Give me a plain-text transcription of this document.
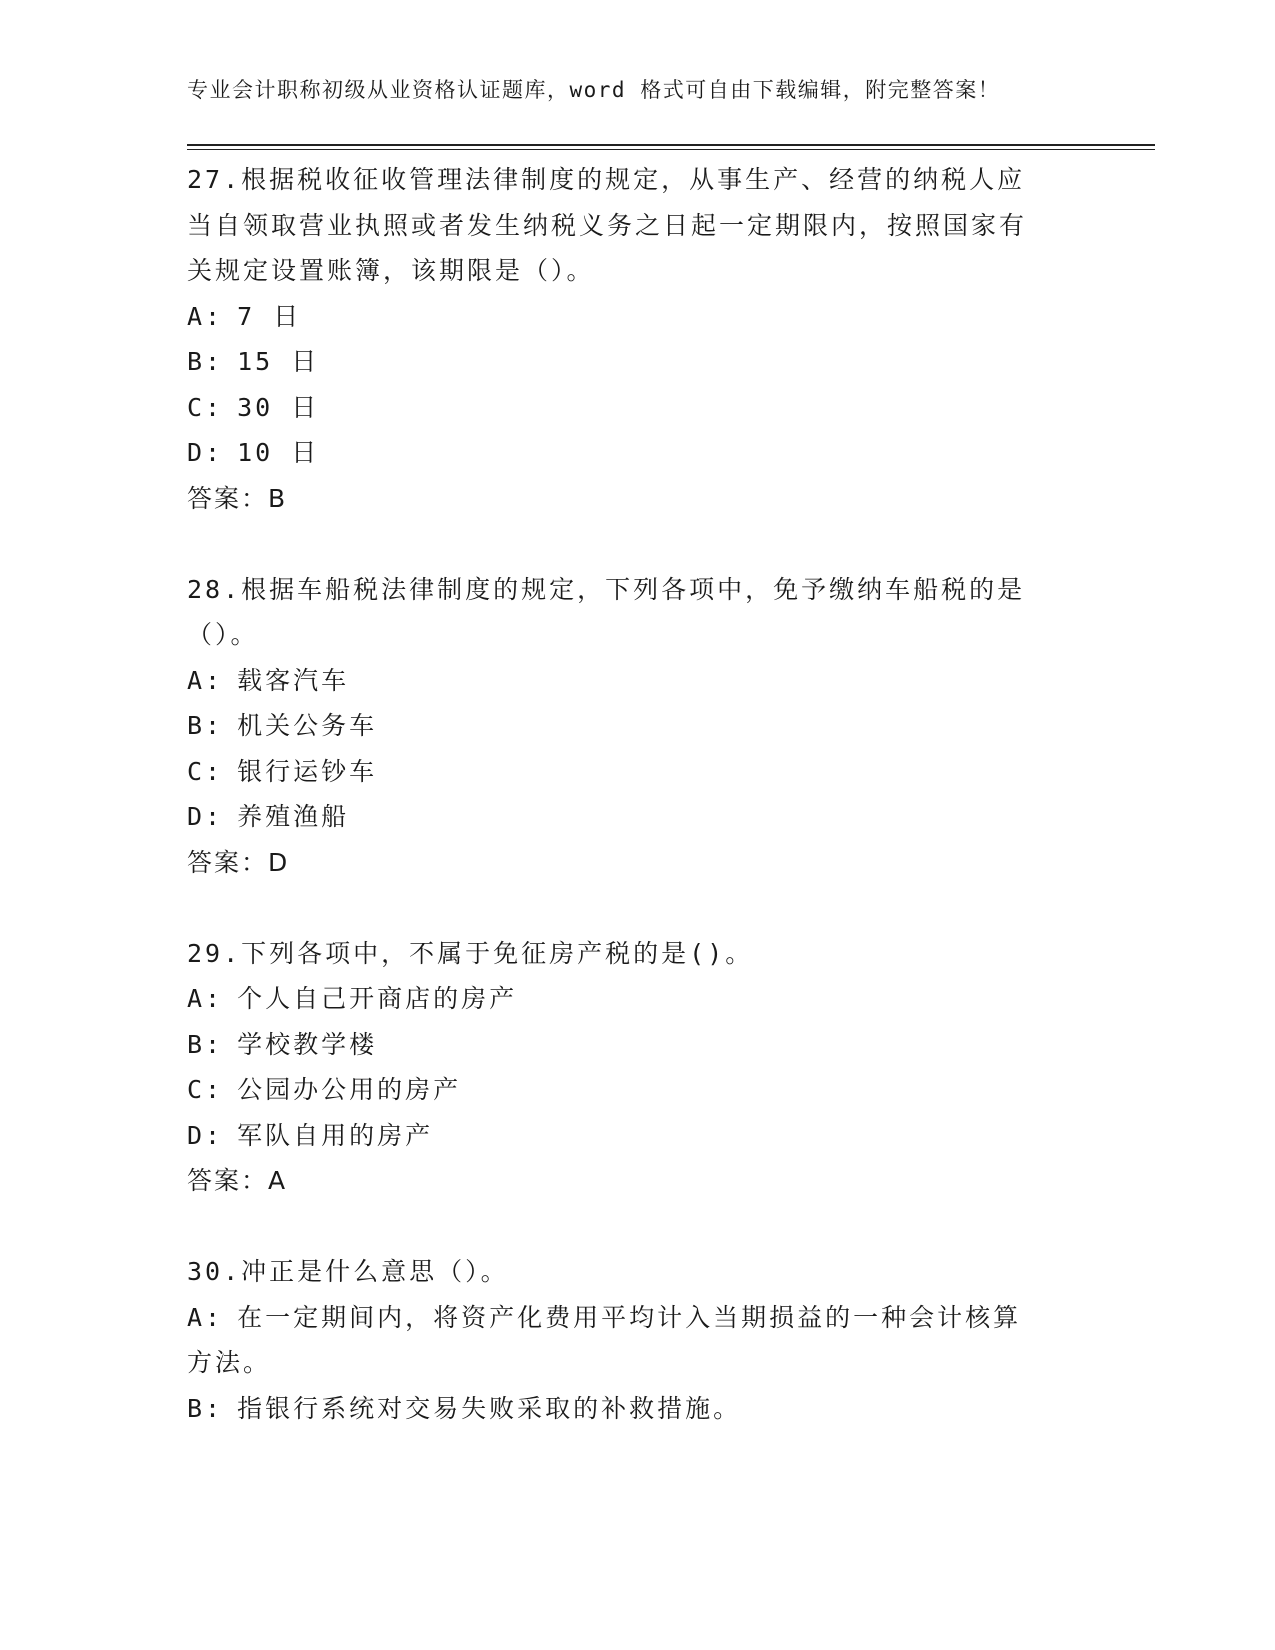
专业会计职称初级从业资格认证题库，word 格式可自由下载编辑，附完整答案！

27.根据税收征收管理法律制度的规定，从事生产、经营的纳税人应当自领取营业执照或者发生纳税义务之日起一定期限内，按照国家有关规定设置账簿，该期限是（）。

A: 7 日

B: 15 日

C: 30 日

D: 10 日

答案：B

28.根据车船税法律制度的规定，下列各项中，免予缴纳车船税的是（）。

A: 载客汽车

B: 机关公务车

C: 银行运钞车

D: 养殖渔船

答案：D

29.下列各项中，不属于免征房产税的是()。

A: 个人自己开商店的房产

B: 学校教学楼

C: 公园办公用的房产

D: 军队自用的房产

答案：A

30.冲正是什么意思（）。

A: 在一定期间内，将资产化费用平均计入当期损益的一种会计核算方法。

B: 指银行系统对交易失败采取的补救措施。
